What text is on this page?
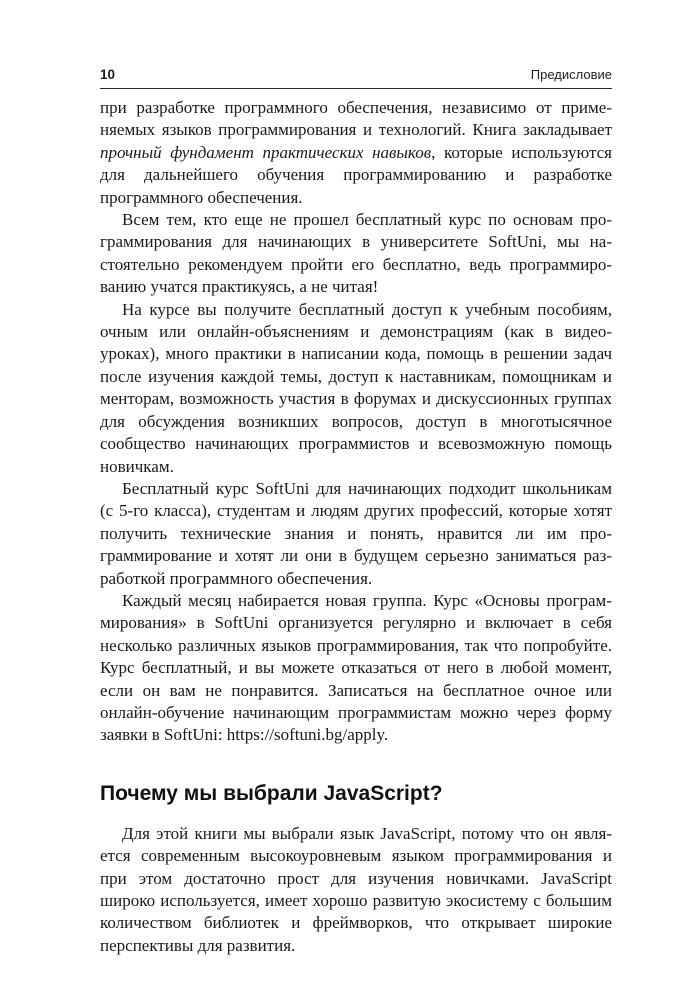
10	Предисловие

при разработке программного обеспечения, независимо от применяемых языков программирования и технологий. Книга закладывает прочный фундамент практических навыков, которые используются для дальнейшего обучения программированию и разработке программного обеспечения.

Всем тем, кто еще не прошел бесплатный курс по основам программирования для начинающих в университете SoftUni, мы настоятельно рекомендуем пройти его бесплатно, ведь программированию учатся практикуясь, а не читая!

На курсе вы получите бесплатный доступ к учебным пособиям, очным или онлайн-объяснениям и демонстрациям (как в видеоуроках), много практики в написании кода, помощь в решении задач после изучения каждой темы, доступ к наставникам, помощникам и менторам, возможность участия в форумах и дискуссионных группах для обсуждения возникших вопросов, доступ в многотысячное сообщество начинающих программистов и всевозможную помощь новичкам.

Бесплатный курс SoftUni для начинающих подходит школьникам (с 5-го класса), студентам и людям других профессий, которые хотят получить технические знания и понять, нравится ли им программирование и хотят ли они в будущем серьезно заниматься разработкой программного обеспечения.

Каждый месяц набирается новая группа. Курс «Основы программирования» в SoftUni организуется регулярно и включает в себя несколько различных языков программирования, так что попробуйте. Курс бесплатный, и вы можете отказаться от него в любой момент, если он вам не понравится. Записаться на бесплатное очное или онлайн-обучение начинающим программистам можно через форму заявки в SoftUni: https://softuni.bg/apply.

Почему мы выбрали JavaScript?

Для этой книги мы выбрали язык JavaScript, потому что он является современным высокоуровневым языком программирования и при этом достаточно прост для изучения новичками. JavaScript широко используется, имеет хорошо развитую экосистему с большим количеством библиотек и фреймворков, что открывает широкие перспективы для развития.
